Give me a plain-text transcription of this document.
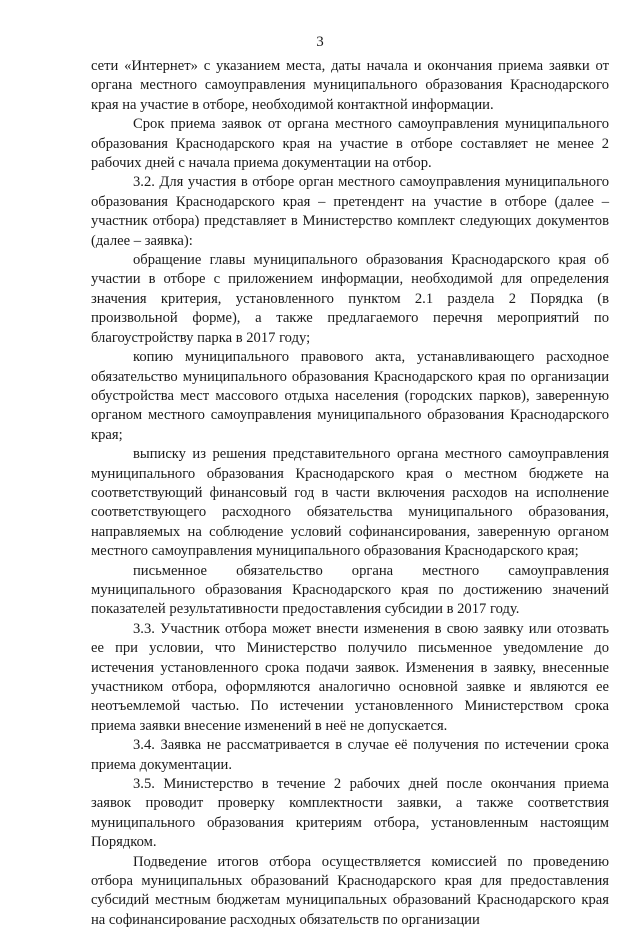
3

сети «Интернет» с указанием места, даты начала и окончания приема заявки от органа местного самоуправления муниципального образования Краснодарского края на участие в отборе, необходимой контактной информации.

Срок приема заявок от органа местного самоуправления муниципального образования Краснодарского края на участие в отборе составляет не менее 2 рабочих дней с начала приема документации на отбор.

3.2. Для участия в отборе орган местного самоуправления муниципального образования Краснодарского края – претендент на участие в отборе (далее – участник отбора) представляет в Министерство комплект следующих документов (далее – заявка):

обращение главы муниципального образования Краснодарского края об участии в отборе с приложением информации, необходимой для определения значения критерия, установленного пунктом 2.1 раздела 2 Порядка (в произвольной форме), а также предлагаемого перечня мероприятий по благоустройству парка в 2017 году;

копию муниципального правового акта, устанавливающего расходное обязательство муниципального образования Краснодарского края по организации обустройства мест массового отдыха населения (городских парков), заверенную органом местного самоуправления муниципального образования Краснодарского края;

выписку из решения представительного органа местного самоуправления муниципального образования Краснодарского края о местном бюджете на соответствующий финансовый год в части включения расходов на исполнение соответствующего расходного обязательства муниципального образования, направляемых на соблюдение условий софинансирования, заверенную органом местного самоуправления муниципального образования Краснодарского края;

письменное обязательство органа местного самоуправления муниципального образования Краснодарского края по достижению значений показателей результативности предоставления субсидии в 2017 году.

3.3. Участник отбора может внести изменения в свою заявку или отозвать ее при условии, что Министерство получило письменное уведомление до истечения установленного срока подачи заявок. Изменения в заявку, внесенные участником отбора, оформляются аналогично основной заявке и являются ее неотъемлемой частью. По истечении установленного Министерством срока приема заявки внесение изменений в неё не допускается.

3.4. Заявка не рассматривается в случае её получения по истечении срока приема документации.

3.5. Министерство в течение 2 рабочих дней после окончания приема заявок проводит проверку комплектности заявки, а также соответствия муниципального образования критериям отбора, установленным настоящим Порядком.

Подведение итогов отбора осуществляется комиссией по проведению отбора муниципальных образований Краснодарского края для предоставления субсидий местным бюджетам муниципальных образований Краснодарского края на софинансирование расходных обязательств по организации
